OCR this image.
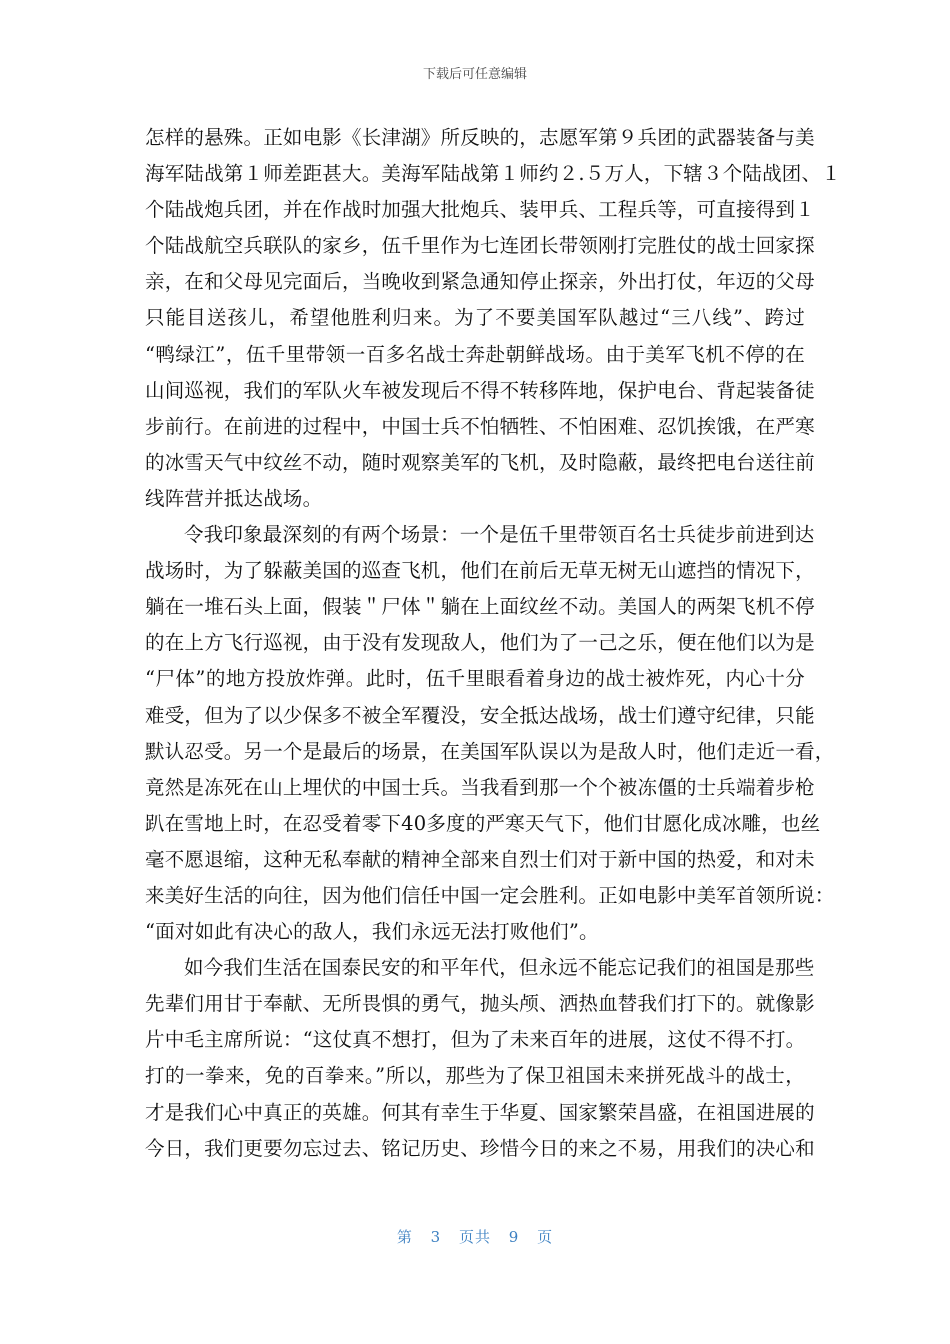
下载后可任意编辑
怎样的悬殊。正如电影《长津湖》所反映的，志愿军第９兵团的武器装备与美
海军陆战第１师差距甚大。美海军陆战第１师约２.５万人，下辖３个陆战团、１
个陆战炮兵团，并在作战时加强大批炮兵、装甲兵、工程兵等，可直接得到１
个陆战航空兵联队的家乡，伍千里作为七连团长带领刚打完胜仗的战士回家探
亲，在和父母见完面后，当晚收到紧急通知停止探亲，外出打仗，年迈的父母
只能目送孩儿，希望他胜利归来。为了不要美国军队越过“三八线”、跨过
“鸭绿江”，伍千里带领一百多名战士奔赴朝鲜战场。由于美军飞机不停的在
山间巡视，我们的军队火车被发现后不得不转移阵地，保护电台、背起装备徒
步前行。在前进的过程中，中国士兵不怕牺牲、不怕困难、忍饥挨饿，在严寒
的冰雪天气中纹丝不动，随时观察美军的飞机，及时隐蔽，最终把电台送往前
线阵营并抵达战场。
令我印象最深刻的有两个场景：一个是伍千里带领百名士兵徒步前进到达
战场时，为了躲蔽美国的巡查飞机，他们在前后无草无树无山遮挡的情况下，
躺在一堆石头上面，假装＂尸体＂躺在上面纹丝不动。美国人的两架飞机不停
的在上方飞行巡视，由于没有发现敌人，他们为了一己之乐，便在他们以为是
“尸体”的地方投放炸弹。此时，伍千里眼看着身边的战士被炸死，内心十分
难受，但为了以少保多不被全军覆没，安全抵达战场，战士们遵守纪律，只能
默认忍受。另一个是最后的场景，在美国军队误以为是敌人时，他们走近一看，
竟然是冻死在山上埋伏的中国士兵。当我看到那一个个被冻僵的士兵端着步枪
趴在雪地上时，在忍受着零下40多度的严寒天气下，他们甘愿化成冰雕，也丝
毫不愿退缩，这种无私奉献的精神全部来自烈士们对于新中国的热爱，和对未
来美好生活的向往，因为他们信任中国一定会胜利。正如电影中美军首领所说：
“面对如此有决心的敌人，我们永远无法打败他们”。
如今我们生活在国泰民安的和平年代，但永远不能忘记我们的祖国是那些
先辈们用甘于奉献、无所畏惧的勇气，抛头颅、洒热血替我们打下的。就像影
片中毛主席所说：“这仗真不想打，但为了未来百年的进展，这仗不得不打。
打的一拳来，免的百拳来。”所以，那些为了保卫祖国未来拼死战斗的战士，
才是我们心中真正的英雄。何其有幸生于华夏、国家繁荣昌盛，在祖国进展的
今日，我们更要勿忘过去、铭记历史、珍惜今日的来之不易，用我们的决心和
第 3 页共 9 页
